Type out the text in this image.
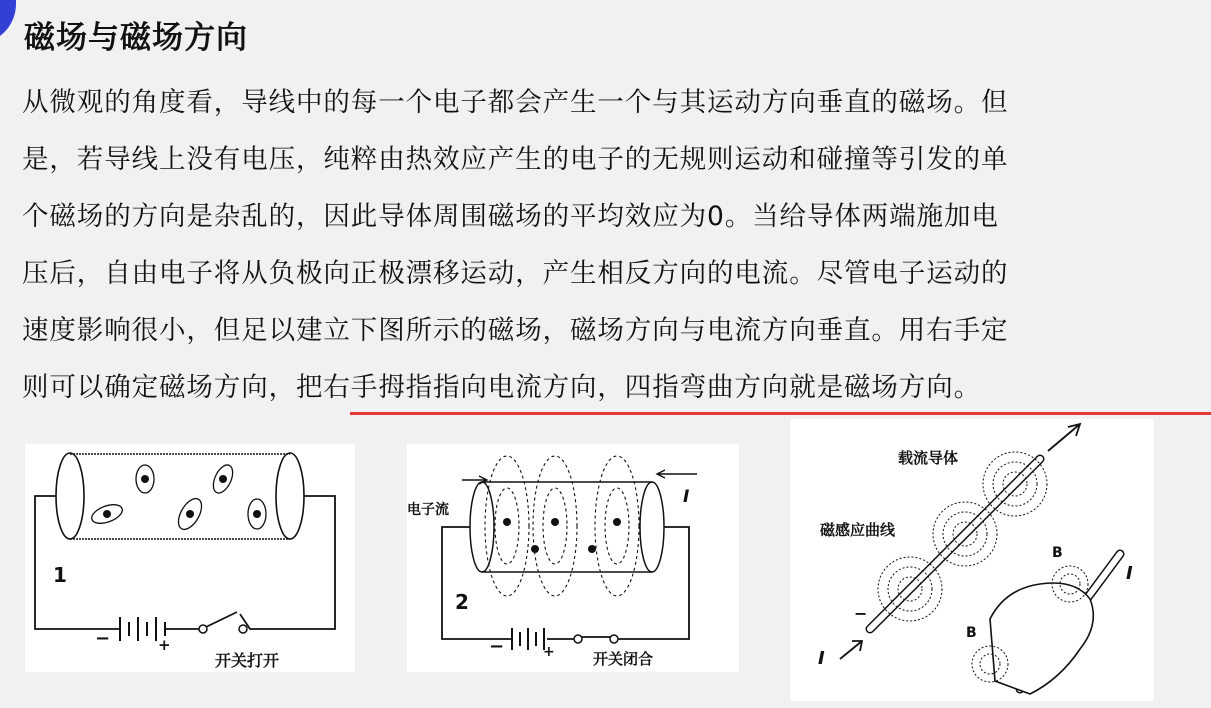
磁场与磁场方向

从微观的角度看，导线中的每一个电子都会产生一个与其运动方向垂直的磁场。但

是，若导线上没有电压，纯粹由热效应产生的电子的无规则运动和碰撞等引发的单

个磁场的方向是杂乱的，因此导体周围磁场的平均效应为0。当给导体两端施加电

压后，自由电子将从负极向正极漂移运动，产生相反方向的电流。尽管电子运动的

速度影响很小，但足以建立下图所示的磁场，磁场方向与电流方向垂直。用右手定

则可以确定磁场方向，把右手拇指指向电流方向，四指弯曲方向就是磁场方向。

1
−	+
开关打开
电子流
I
2
−	+	开关闭合
载流导体
磁感应曲线
I
I
B
B
−
